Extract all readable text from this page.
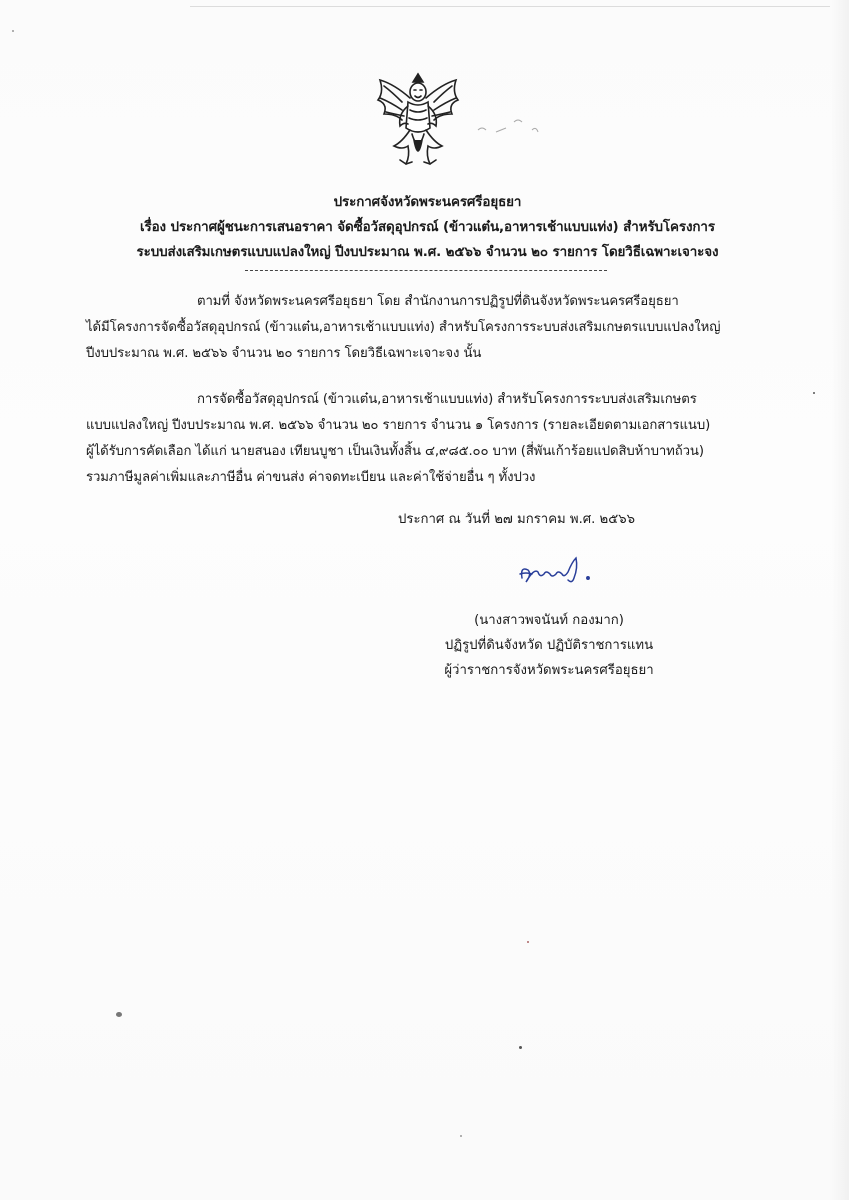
ประกาศจังหวัดพระนครศรีอยุธยา
เรื่อง ประกาศผู้ชนะการเสนอราคา จัดซื้อวัสดุอุปกรณ์ (ข้าวแต๋น,อาหารเช้าแบบแท่ง) สำหรับโครงการ
ระบบส่งเสริมเกษตรแบบแปลงใหญ่ ปีงบประมาณ พ.ศ. ๒๕๖๖ จำนวน ๒๐ รายการ โดยวิธีเฉพาะเจาะจง
ตามที่ จังหวัดพระนครศรีอยุธยา โดย สำนักงานการปฏิรูปที่ดินจังหวัดพระนครศรีอยุธยา
ได้มีโครงการจัดซื้อวัสดุอุปกรณ์ (ข้าวแต๋น,อาหารเช้าแบบแท่ง) สำหรับโครงการระบบส่งเสริมเกษตรแบบแปลงใหญ่
ปีงบประมาณ พ.ศ. ๒๕๖๖ จำนวน ๒๐ รายการ โดยวิธีเฉพาะเจาะจง นั้น
การจัดซื้อวัสดุอุปกรณ์ (ข้าวแต๋น,อาหารเช้าแบบแท่ง) สำหรับโครงการระบบส่งเสริมเกษตร
แบบแปลงใหญ่ ปีงบประมาณ พ.ศ. ๒๕๖๖ จำนวน ๒๐ รายการ จำนวน ๑ โครงการ (รายละเอียดตามเอกสารแนบ)
ผู้ได้รับการคัดเลือก ได้แก่ นายสนอง เทียนบูชา เป็นเงินทั้งสิ้น ๔,๙๘๕.๐๐ บาท (สี่พันเก้าร้อยแปดสิบห้าบาทถ้วน)
รวมภาษีมูลค่าเพิ่มและภาษีอื่น ค่าขนส่ง ค่าจดทะเบียน และค่าใช้จ่ายอื่น ๆ ทั้งปวง
ประกาศ ณ วันที่ ๒๗ มกราคม พ.ศ. ๒๕๖๖
(นางสาวพจนันท์ กองมาก)
ปฏิรูปที่ดินจังหวัด ปฏิบัติราชการแทน
ผู้ว่าราชการจังหวัดพระนครศรีอยุธยา
